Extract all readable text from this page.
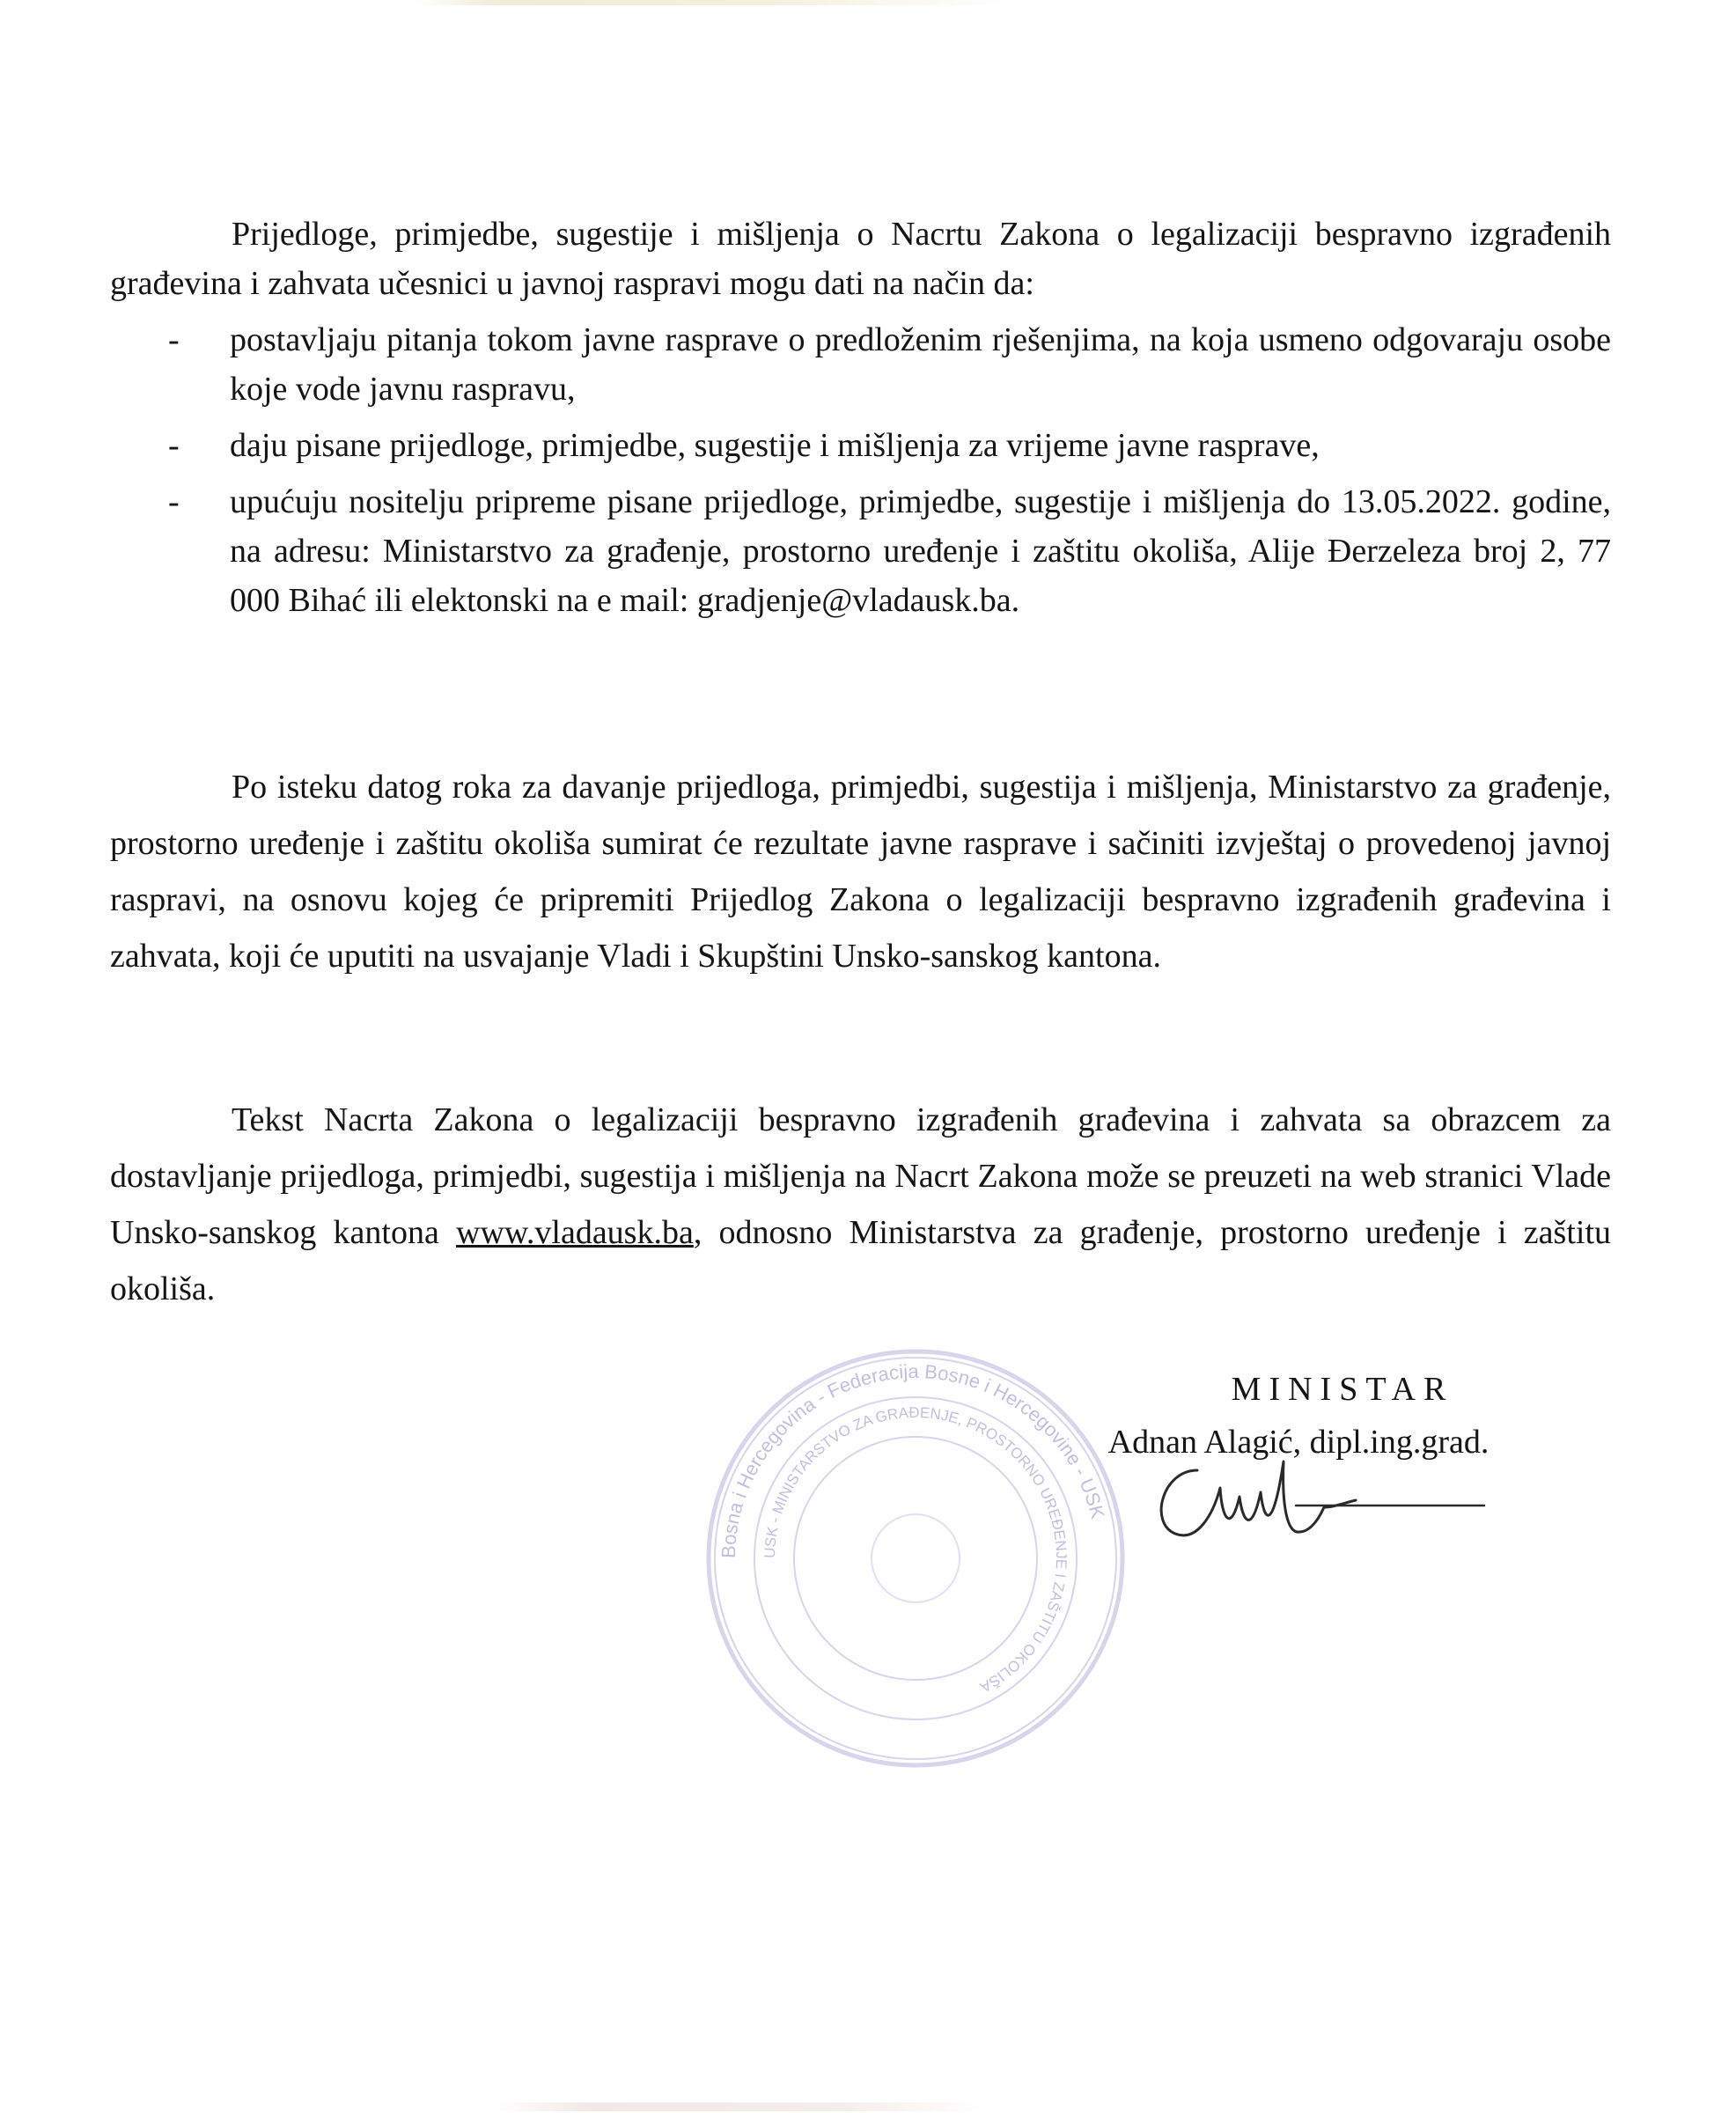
Prijedloge, primjedbe, sugestije i mišljenja o Nacrtu Zakona o legalizaciji bespravno izgrađenih građevina i zahvata učesnici u javnoj raspravi mogu dati na način da:

- postavljaju pitanja tokom javne rasprave o predloženim rješenjima, na koja usmeno odgovaraju osobe koje vode javnu raspravu,
- daju pisane prijedloge, primjedbe, sugestije i mišljenja za vrijeme javne rasprave,
- upućuju nositelju pripreme pisane prijedloge, primjedbe, sugestije i mišljenja do 13.05.2022. godine, na adresu: Ministarstvo za građenje, prostorno uređenje i zaštitu okoliša, Alije Đerzeleza broj 2, 77 000 Bihać ili elektonski na e mail: gradjenje@vladausk.ba.

Po isteku datog roka za davanje prijedloga, primjedbi, sugestija i mišljenja, Ministarstvo za građenje, prostorno uređenje i zaštitu okoliša sumirat će rezultate javne rasprave i sačiniti izvještaj o provedenoj javnoj raspravi, na osnovu kojeg će pripremiti Prijedlog Zakona o legalizaciji bespravno izgrađenih građevina i zahvata, koji će uputiti na usvajanje Vladi i Skupštini Unsko-sanskog kantona.

Tekst Nacrta Zakona o legalizaciji bespravno izgrađenih građevina i zahvata sa obrazcem za dostavljanje prijedloga, primjedbi, sugestija i mišljenja na Nacrt Zakona može se preuzeti na web stranici Vlade Unsko-sanskog kantona www.vladausk.ba, odnosno Ministarstva za građenje, prostorno uređenje i zaštitu okoliša.

Bosna i Hercegovina - Federacija Bosne i Hercegovine - USK
USK - MINISTARSTVO ZA GRAĐENJE, PROSTORNO UREĐENJE I ZAŠTITU OKOLIŠA
MINISTAR
Adnan Alagić, dipl.ing.grad.
